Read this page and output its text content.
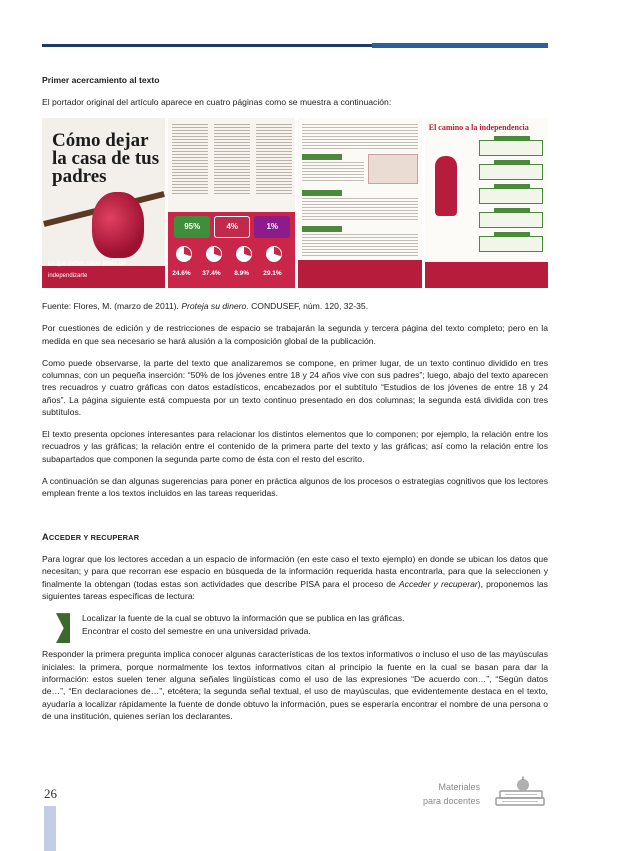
Primer acercamiento al texto

El portador original del artículo aparece en cuatro páginas como se muestra a continuación:

Cómo dejar la casa de tus padres
Lo que debes saber antes de independizarte
95%	4%	1%
24.6% 37.4% 8.9% 29.1%
El camino a la independencia

Fuente: Flores, M. (marzo de 2011). Proteja su dinero. CONDUSEF, núm. 120, 32-35.

Por cuestiones de edición y de restricciones de espacio se trabajarán la segunda y tercera página del texto completo; pero en la medida en que sea necesario se hará alusión a la composición global de la publicación.

Como puede observarse, la parte del texto que analizaremos se compone, en primer lugar, de un texto continuo dividido en tres columnas, con un pequeña inserción: “50% de los jóvenes entre 18 y 24 años vive con sus padres”; luego, abajo del texto aparecen tres recuadros y cuatro gráficas con datos estadísticos, encabezados por el subtítulo “Estudios de los jóvenes de entre 18 y 24 años”. La página siguiente está compuesta por un texto continuo presentado en dos columnas; la segunda está dividida con tres subtítulos.

El texto presenta opciones interesantes para relacionar los distintos elementos que lo componen; por ejemplo, la relación entre los recuadros y las gráficas; la relación entre el contenido de la primera parte del texto y las gráficas; así como la relación entre los subapartados que componen la segunda parte como de ésta con el resto del escrito.

A continuación se dan algunas sugerencias para poner en práctica algunos de los procesos o estrategias cognitivos que los lectores emplean frente a los textos incluidos en las tareas requeridas.

ACCEDER Y RECUPERAR

Para lograr que los lectores accedan a un espacio de información (en este caso el texto ejemplo) en donde se ubican los datos que necesitan; y para que recorran ese espacio en búsqueda de la información requerida hasta encontrarla, para que la seleccionen y finalmente la obtengan (todas estas son actividades que describe PISA para el proceso de Acceder y recuperar), proponemos las siguientes tareas específicas de lectura:

Localizar la fuente de la cual se obtuvo la información que se publica en las gráficas.
Encontrar el costo del semestre en una universidad privada.

Responder la primera pregunta implica conocer algunas características de los textos informativos o incluso el uso de las mayúsculas iniciales: la primera, porque normalmente los textos informativos citan al principio la fuente en la cual se basan para dar la información: estos suelen tener alguna señales lingüísticas como el uso de las expresiones “De acuerdo con…”, “Según datos de…”, “En declaraciones de…”, etcétera; la segunda señal textual, el uso de mayúsculas, que evidentemente destaca en el texto, ayudaría a localizar rápidamente la fuente de donde obtuvo la información, pues se esperaría encontrar el nombre de una persona o de una institución, quienes serían los declarantes.

26	Materiales
para docentes
